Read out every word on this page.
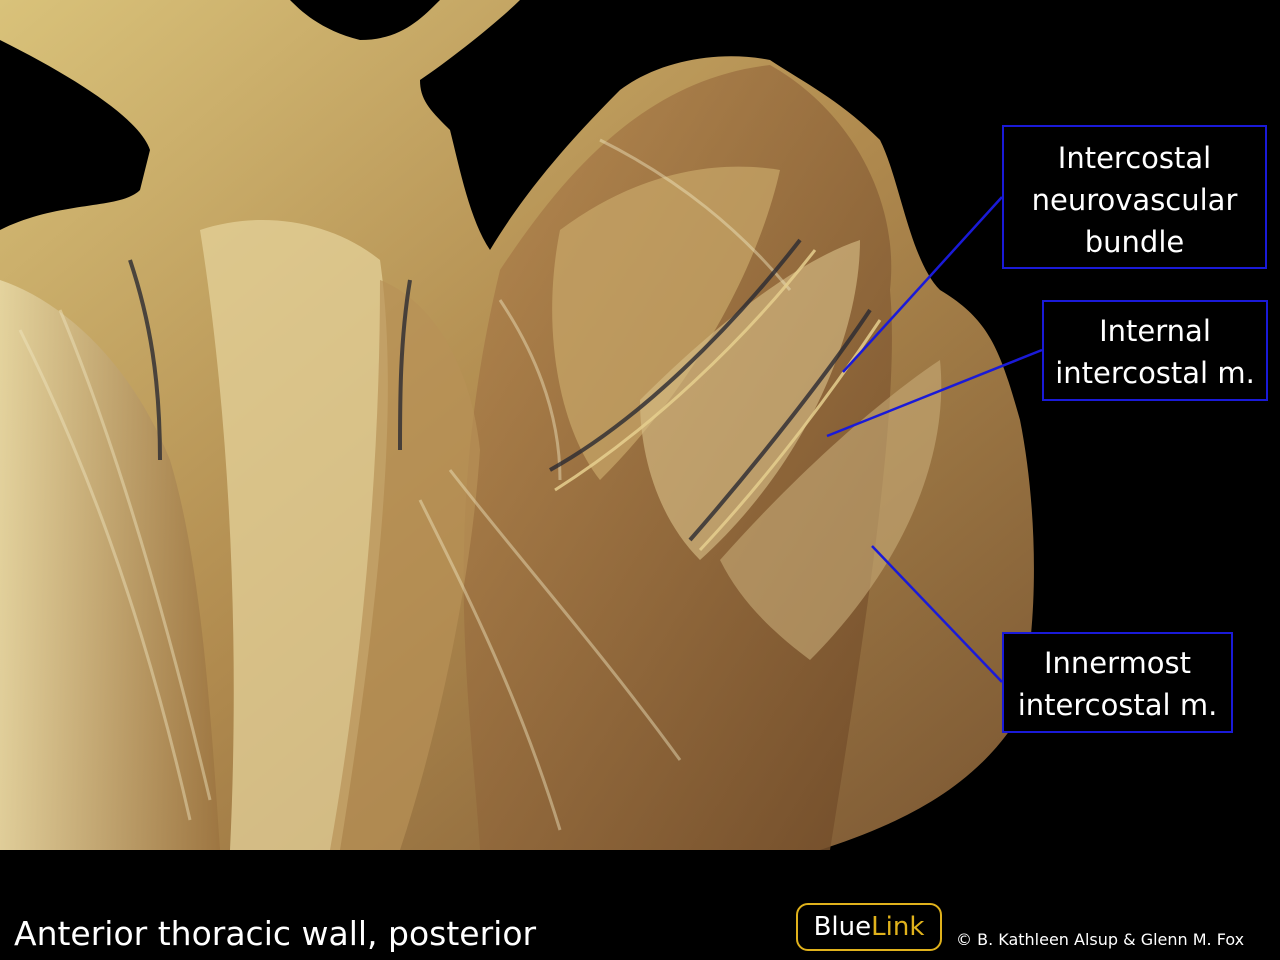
Intercostal
neurovascular
bundle
Internal
intercostal m.
Innermost
intercostal m.
Anterior thoracic wall, posterior	BlueLink	© B. Kathleen Alsup & Glenn M. Fox
